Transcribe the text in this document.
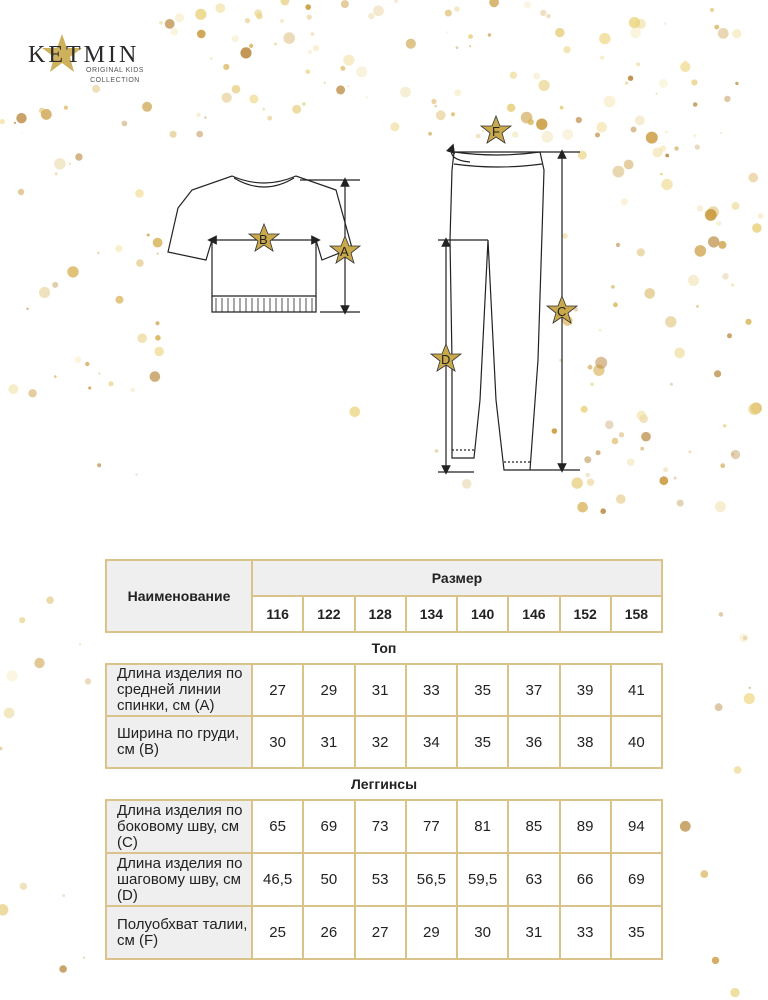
KETMIN
ORIGINAL KIDS
COLLECTION
A
B
C
D
F
Наименование	Размер							
	116	122	128	134	140	146	152	158
Топ								
Длина изделия по средней линии спинки, см (А)	27	29	31	33	35	37	39	41
Ширина по груди, см (В)	30	31	32	34	35	36	38	40
Леггинсы								
Длина изделия по боковому шву, см (С)	65	69	73	77	81	85	89	94
Длина изделия по шаговому шву, см (D)	46,5	50	53	56,5	59,5	63	66	69
Полуобхват талии, см (F)	25	26	27	29	30	31	33	35
